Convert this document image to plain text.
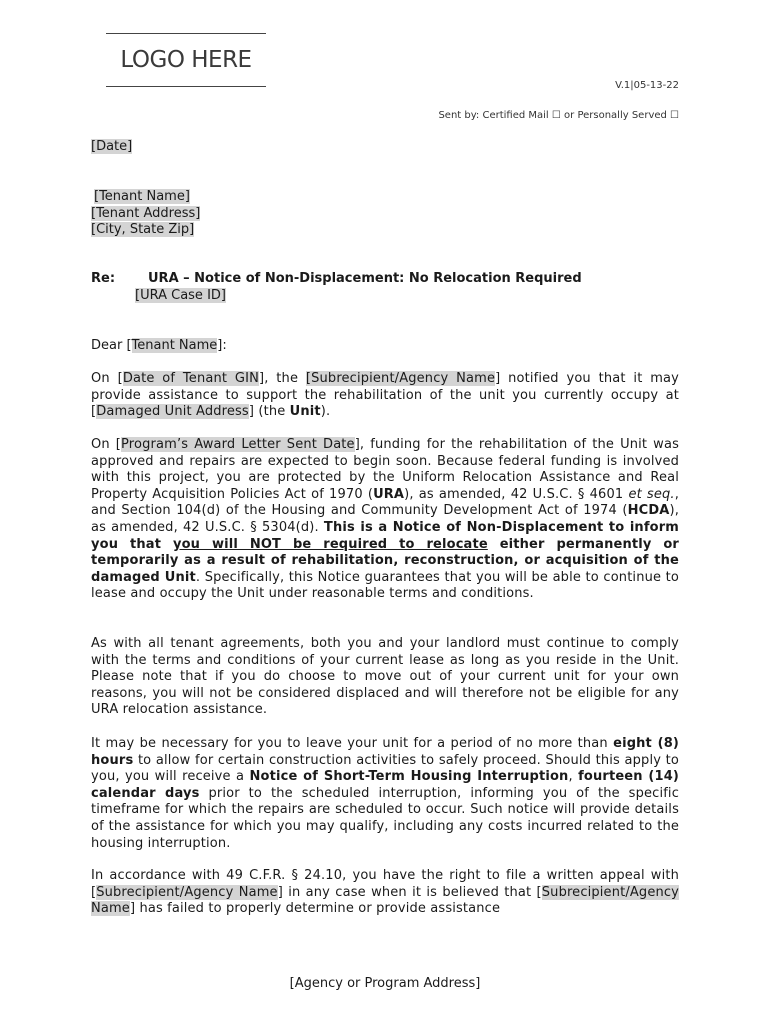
LOGO HERE
V.1|05-13-22
Sent by: Certified Mail ☐ or Personally Served ☐
[Date]
[Tenant Name]
[Tenant Address]
[City, State Zip]
Re:	URA – Notice of Non-Displacement: No Relocation Required
[URA Case ID]
Dear [Tenant Name]:

On [Date of Tenant GIN], the [Subrecipient/Agency Name] notified you that it may provide assistance to support the rehabilitation of the unit you currently occupy at [Damaged Unit Address] (the Unit).

On [Program’s Award Letter Sent Date], funding for the rehabilitation of the Unit was approved and repairs are expected to begin soon. Because federal funding is involved with this project, you are protected by the Uniform Relocation Assistance and Real Property Acquisition Policies Act of 1970 (URA), as amended, 42 U.S.C. § 4601 et seq., and Section 104(d) of the Housing and Community Development Act of 1974 (HCDA), as amended, 42 U.S.C. § 5304(d). This is a Notice of Non-Displacement to inform you that you will NOT be required to relocate either permanently or temporarily as a result of rehabilitation, reconstruction, or acquisition of the damaged Unit. Specifically, this Notice guarantees that you will be able to continue to lease and occupy the Unit under reasonable terms and conditions.

As with all tenant agreements, both you and your landlord must continue to comply with the terms and conditions of your current lease as long as you reside in the Unit. Please note that if you do choose to move out of your current unit for your own reasons, you will not be considered displaced and will therefore not be eligible for any URA relocation assistance.

It may be necessary for you to leave your unit for a period of no more than eight (8) hours to allow for certain construction activities to safely proceed. Should this apply to you, you will receive a Notice of Short-Term Housing Interruption, fourteen (14) calendar days prior to the scheduled interruption, informing you of the specific timeframe for which the repairs are scheduled to occur. Such notice will provide details of the assistance for which you may qualify, including any costs incurred related to the housing interruption.

In accordance with 49 C.F.R. § 24.10, you have the right to file a written appeal with [Subrecipient/Agency Name] in any case when it is believed that [Subrecipient/Agency Name] has failed to properly determine or provide assistance

[Agency or Program Address]
